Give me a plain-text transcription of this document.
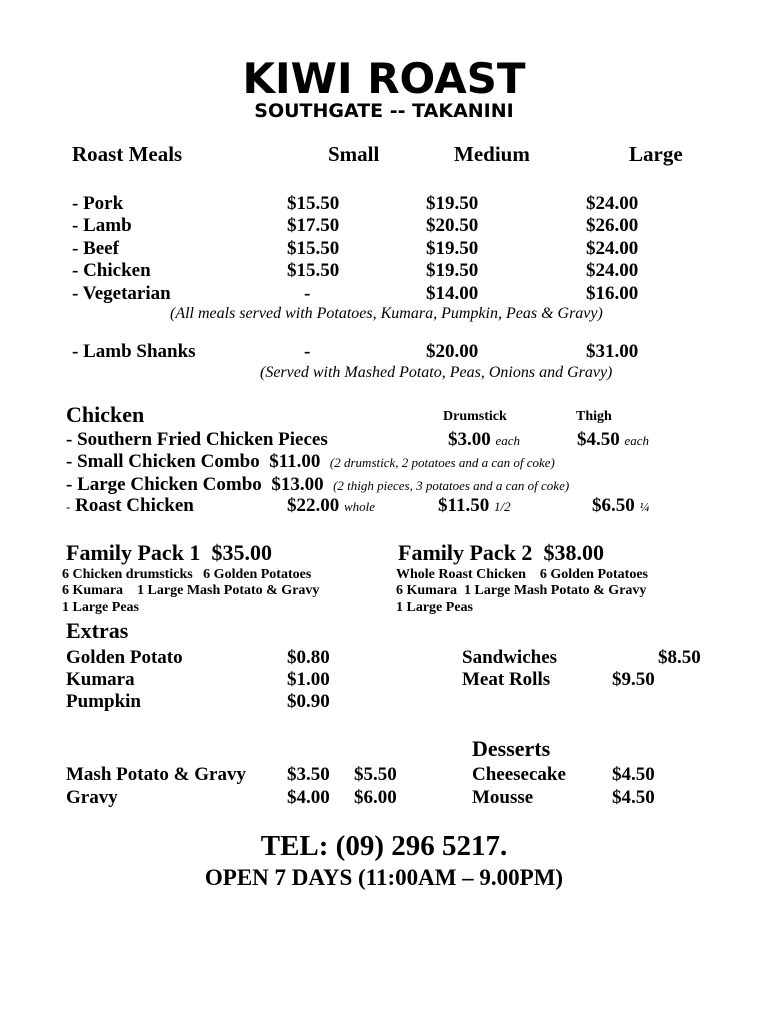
KIWI ROAST
SOUTHGATE -- TAKANINI
Roast Meals	Small	Medium	Large
- Pork	$15.50	$19.50	$24.00
- Lamb	$17.50	$20.50	$26.00
- Beef	$15.50	$19.50	$24.00
- Chicken	$15.50	$19.50	$24.00
- Vegetarian	-	$14.00	$16.00
(All meals served with Potatoes, Kumara, Pumpkin, Peas & Gravy)
- Lamb Shanks	-	$20.00	$31.00
(Served with Mashed Potato, Peas, Onions and Gravy)
Chicken	Drumstick	Thigh
- Southern Fried Chicken Pieces	$3.00 each	$4.50 each
- Small Chicken Combo $11.00 (2 drumstick, 2 potatoes and a can of coke)
- Large Chicken Combo $13.00 (2 thigh pieces, 3 potatoes and a can of coke)
- Roast Chicken	$22.00 whole	$11.50 1/2	$6.50 ¼
Family Pack 1 $35.00
6 Chicken drumsticks   6 Golden Potatoes
6 Kumara    1 Large Mash Potato & Gravy
1 Large Peas
Family Pack 2 $38.00
Whole Roast Chicken    6 Golden Potatoes
6 Kumara  1 Large Mash Potato & Gravy
1 Large Peas
Extras
Golden Potato	$0.80
Kumara	$1.00
Pumpkin	$0.90
Sandwiches	$8.50
Meat Rolls	$9.50
Mash Potato & Gravy $3.50 $5.50
Gravy	$4.00 $6.00
Desserts
Cheesecake $4.50
Mousse	$4.50
TEL: (09) 296 5217.
OPEN 7 DAYS (11:00AM – 9.00PM)
